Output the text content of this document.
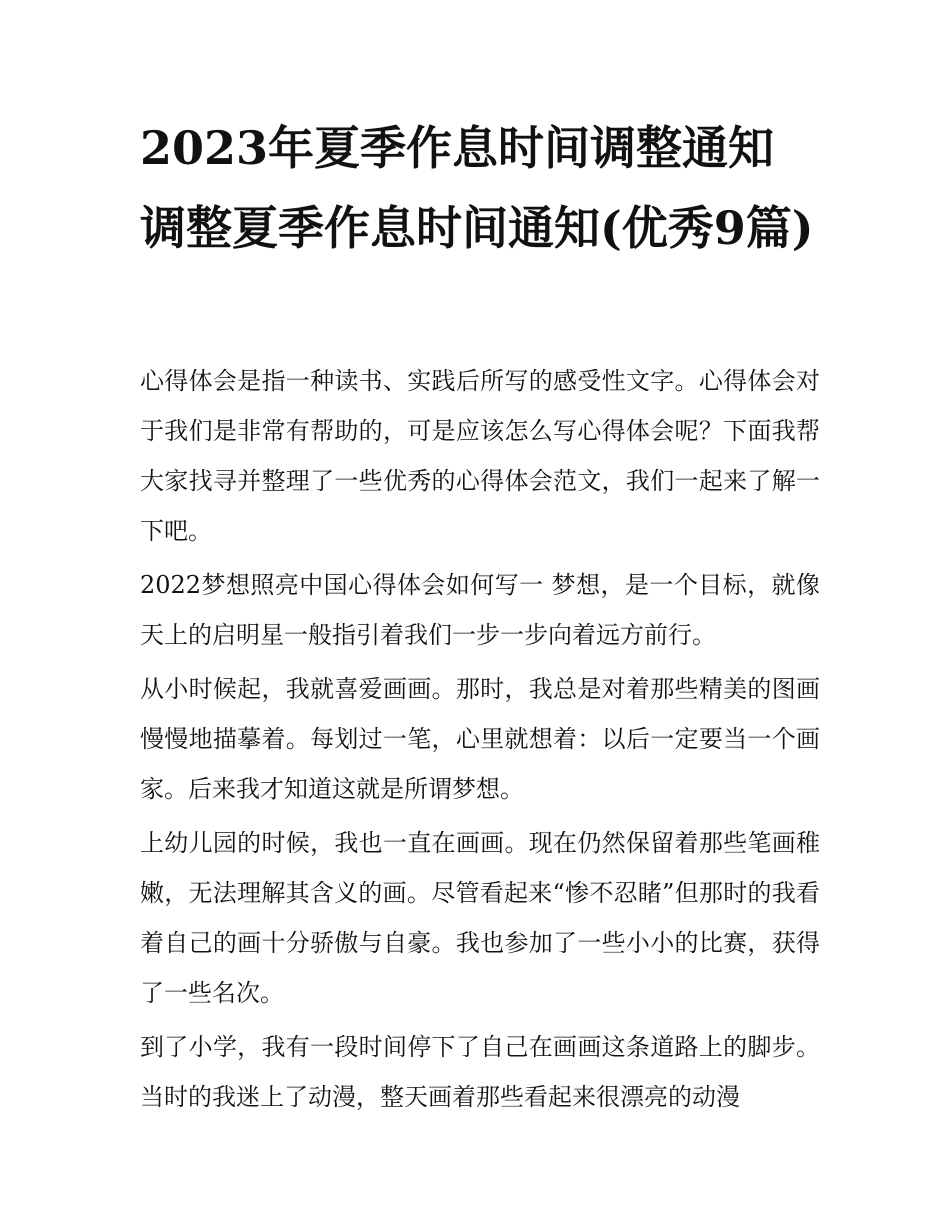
2023年夏季作息时间调整通知 调整夏季作息时间通知(优秀9篇)

心得体会是指一种读书、实践后所写的感受性文字。心得体会对于我们是非常有帮助的，可是应该怎么写心得体会呢？下面我帮大家找寻并整理了一些优秀的心得体会范文，我们一起来了解一下吧。

2022梦想照亮中国心得体会如何写一 梦想，是一个目标，就像天上的启明星一般指引着我们一步一步向着远方前行。

从小时候起，我就喜爱画画。那时，我总是对着那些精美的图画慢慢地描摹着。每划过一笔，心里就想着：以后一定要当一个画家。后来我才知道这就是所谓梦想。

上幼儿园的时候，我也一直在画画。现在仍然保留着那些笔画稚嫩，无法理解其含义的画。尽管看起来“惨不忍睹”但那时的我看着自己的画十分骄傲与自豪。我也参加了一些小小的比赛，获得了一些名次。

到了小学，我有一段时间停下了自己在画画这条道路上的脚步。当时的我迷上了动漫，整天画着那些看起来很漂亮的动漫
